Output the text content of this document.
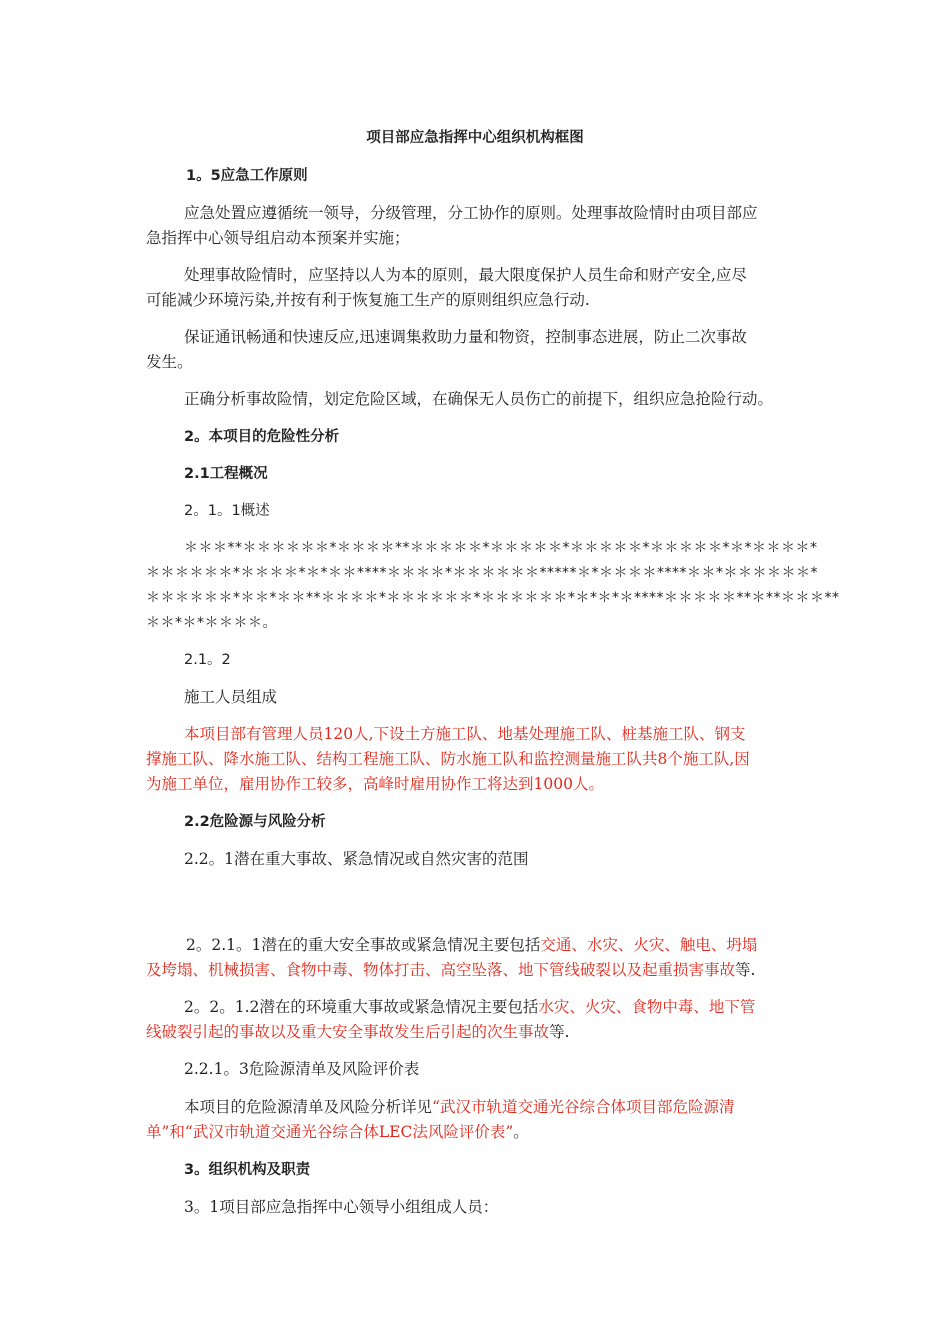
项目部应急指挥中心组织机构框图
1。5应急工作原则
应急处置应遵循统一领导，分级管理，分工协作的原则。处理事故险情时由项目部应
急指挥中心领导组启动本预案并实施；
处理事故险情时，应坚持以人为本的原则，最大限度保护人员生命和财产安全,应尽
可能减少环境污染,并按有利于恢复施工生产的原则组织应急行动.
保证通讯畅通和快速反应,迅速调集救助力量和物资，控制事态进展，防止二次事故
发生。
正确分析事故险情，划定危险区域，在确保无人员伤亡的前提下，组织应急抢险行动。
2。本项目的危险性分析
2.1工程概况
2。1。1概述
＊＊＊**＊＊＊＊＊＊*＊＊＊＊**＊＊＊＊＊*＊＊＊＊＊*＊＊＊＊＊*＊＊＊＊＊*＊*＊＊＊＊*
＊＊＊＊＊＊*＊＊＊＊*＊*＊＊****＊＊＊＊*＊＊＊＊＊＊*****＊*＊＊＊＊****＊＊*＊＊＊＊＊＊*
＊＊＊＊＊＊*＊＊*＊＊**＊＊＊＊*＊＊＊＊＊＊*＊＊＊＊＊＊*＊*＊*＊****＊＊＊＊＊**＊**＊＊＊**
＊＊*＊*＊＊＊＊。
2.1。2
施工人员组成
本项目部有管理人员120人,下设土方施工队、地基处理施工队、桩基施工队、钢支
撑施工队、降水施工队、结构工程施工队、防水施工队和监控测量施工队共8个施工队,因
为施工单位，雇用协作工较多，高峰时雇用协作工将达到1000人。
2.2危险源与风险分析
2.2。1潜在重大事故、紧急情况或自然灾害的范围
2。2.1。1潜在的重大安全事故或紧急情况主要包括交通、水灾、火灾、触电、坍塌
及垮塌、机械损害、食物中毒、物体打击、高空坠落、地下管线破裂以及起重损害事故等.
2。2。1.2潜在的环境重大事故或紧急情况主要包括水灾、火灾、食物中毒、地下管
线破裂引起的事故以及重大安全事故发生后引起的次生事故等.
2.2.1。3危险源清单及风险评价表
本项目的危险源清单及风险分析详见“武汉市轨道交通光谷综合体项目部危险源清
单”和“武汉市轨道交通光谷综合体LEC法风险评价表”。
3。组织机构及职责
3。1项目部应急指挥中心领导小组组成人员：
